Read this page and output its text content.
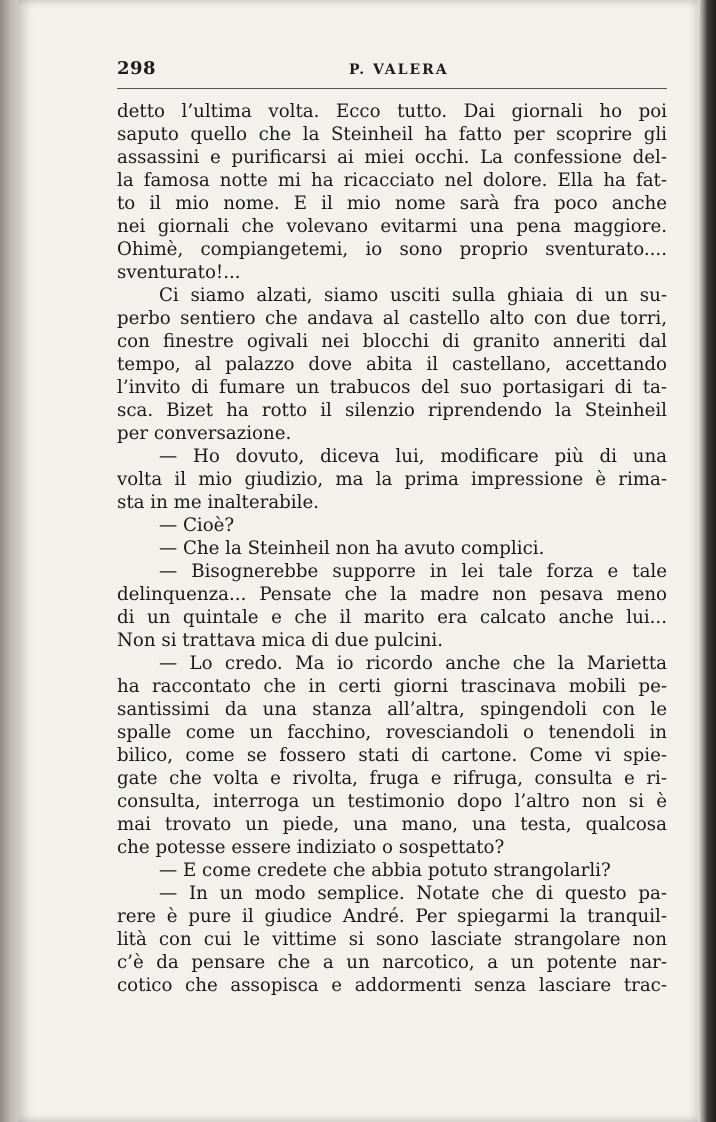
298	P. VALERA
detto l’ultima volta. Ecco tutto. Dai giornali ho poi
saputo quello che la Steinheil ha fatto per scoprire gli
assassini e purificarsi ai miei occhi. La confessione del-
la famosa notte mi ha ricacciato nel dolore. Ella ha fat-
to il mio nome. E il mio nome sarà fra poco anche
nei giornali che volevano evitarmi una pena maggiore.
Ohimè, compiangetemi, io sono proprio sventurato....
sventurato!...
Ci siamo alzati, siamo usciti sulla ghiaia di un su-
perbo sentiero che andava al castello alto con due torri,
con finestre ogivali nei blocchi di granito anneriti dal
tempo, al palazzo dove abita il castellano, accettando
l’invito di fumare un trabucos del suo portasigari di ta-
sca. Bizet ha rotto il silenzio riprendendo la Steinheil
per conversazione.
— Ho dovuto, diceva lui, modificare più di una
volta il mio giudizio, ma la prima impressione è rima-
sta in me inalterabile.
— Cioè?
— Che la Steinheil non ha avuto complici.
— Bisognerebbe supporre in lei tale forza e tale
delinquenza... Pensate che la madre non pesava meno
di un quintale e che il marito era calcato anche lui...
Non si trattava mica di due pulcini.
— Lo credo. Ma io ricordo anche che la Marietta
ha raccontato che in certi giorni trascinava mobili pe-
santissimi da una stanza all’altra, spingendoli con le
spalle come un facchino, rovesciandoli o tenendoli in
bilico, come se fossero stati di cartone. Come vi spie-
gate che volta e rivolta, fruga e rifruga, consulta e ri-
consulta, interroga un testimonio dopo l’altro non si è
mai trovato un piede, una mano, una testa, qualcosa
che potesse essere indiziato o sospettato?
— E come credete che abbia potuto strangolarli?
— In un modo semplice. Notate che di questo pa-
rere è pure il giudice André. Per spiegarmi la tranquil-
lità con cui le vittime si sono lasciate strangolare non
c’è da pensare che a un narcotico, a un potente nar-
cotico che assopisca e addormenti senza lasciare trac-
